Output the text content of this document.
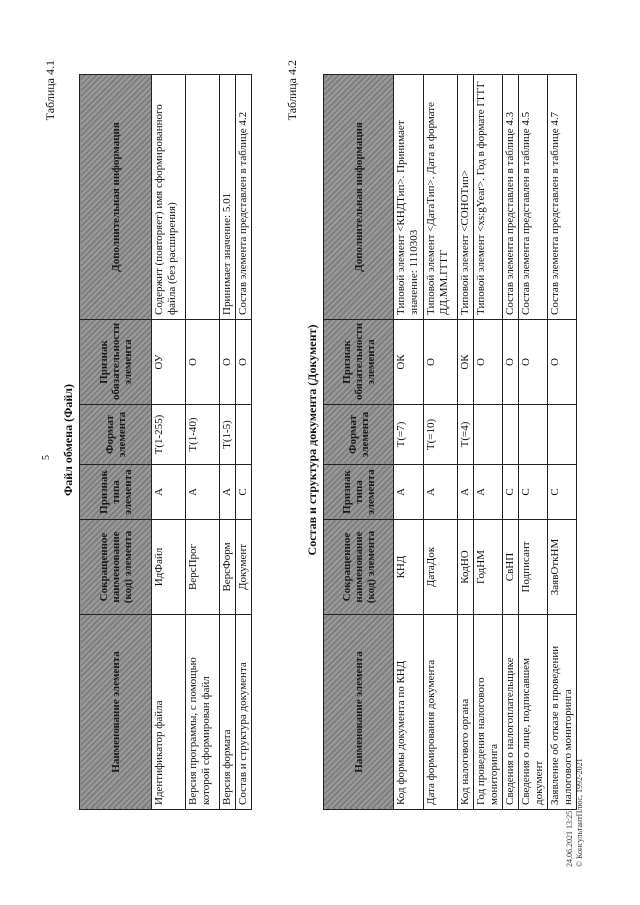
5
Таблица 4.1
Файл обмена (Файл)
Наименование элемента	Сокращенное наименование (код) элемента	Признак типа элемента	Формат элемента	Признак обязательности элемента	Дополнительная информация
Идентификатор файла	ИдФайл	А	Т(1-255)	ОУ	Содержит (повторяет) имя сформированного файла (без расширения)
Версия программы, с помощью которой сформирован файл	ВерсПрог	А	Т(1-40)	О	
Версия формата	ВерсФорм	А	Т(1-5)	О	Принимает значение: 5.01
Состав и структура документа	Документ	С		О	Состав элемента представлен в таблице 4.2
Таблица 4.2
Состав и структура документа (Документ)
Наименование элемента	Сокращенное наименование (код) элемента	Признак типа элемента	Формат элемента	Признак обязательности элемента	Дополнительная информация
Код формы документа по КНД	КНД	А	Т(=7)	ОК	Типовой элемент <КНДТип>. Принимает значение: 1110303
Дата формирования документа	ДатаДок	А	Т(=10)	О	Типовой элемент <ДатаТип>. Дата в формате ДД.ММ.ГГГГ
Код налогового органа	КодНО	А	Т(=4)	ОК	Типовой элемент <СОНОТип>
Год проведения налогового мониторинга	ГодНМ	А		О	Типовой элемент <xs:gYear>. Год в формате ГГГГ
Сведения о налогоплательщике	СвНП	С		О	Состав элемента представлен в таблице 4.3
Сведения о лице, подписавшем документ	Подписант	С		О	Состав элемента представлен в таблице 4.5
Заявление об отказе в проведении налогового мониторинга	ЗаявОткНМ	С		О	Состав элемента представлен в таблице 4.7
24.06.2021 13:25 © КонсультантПлюс, 1992-2021
